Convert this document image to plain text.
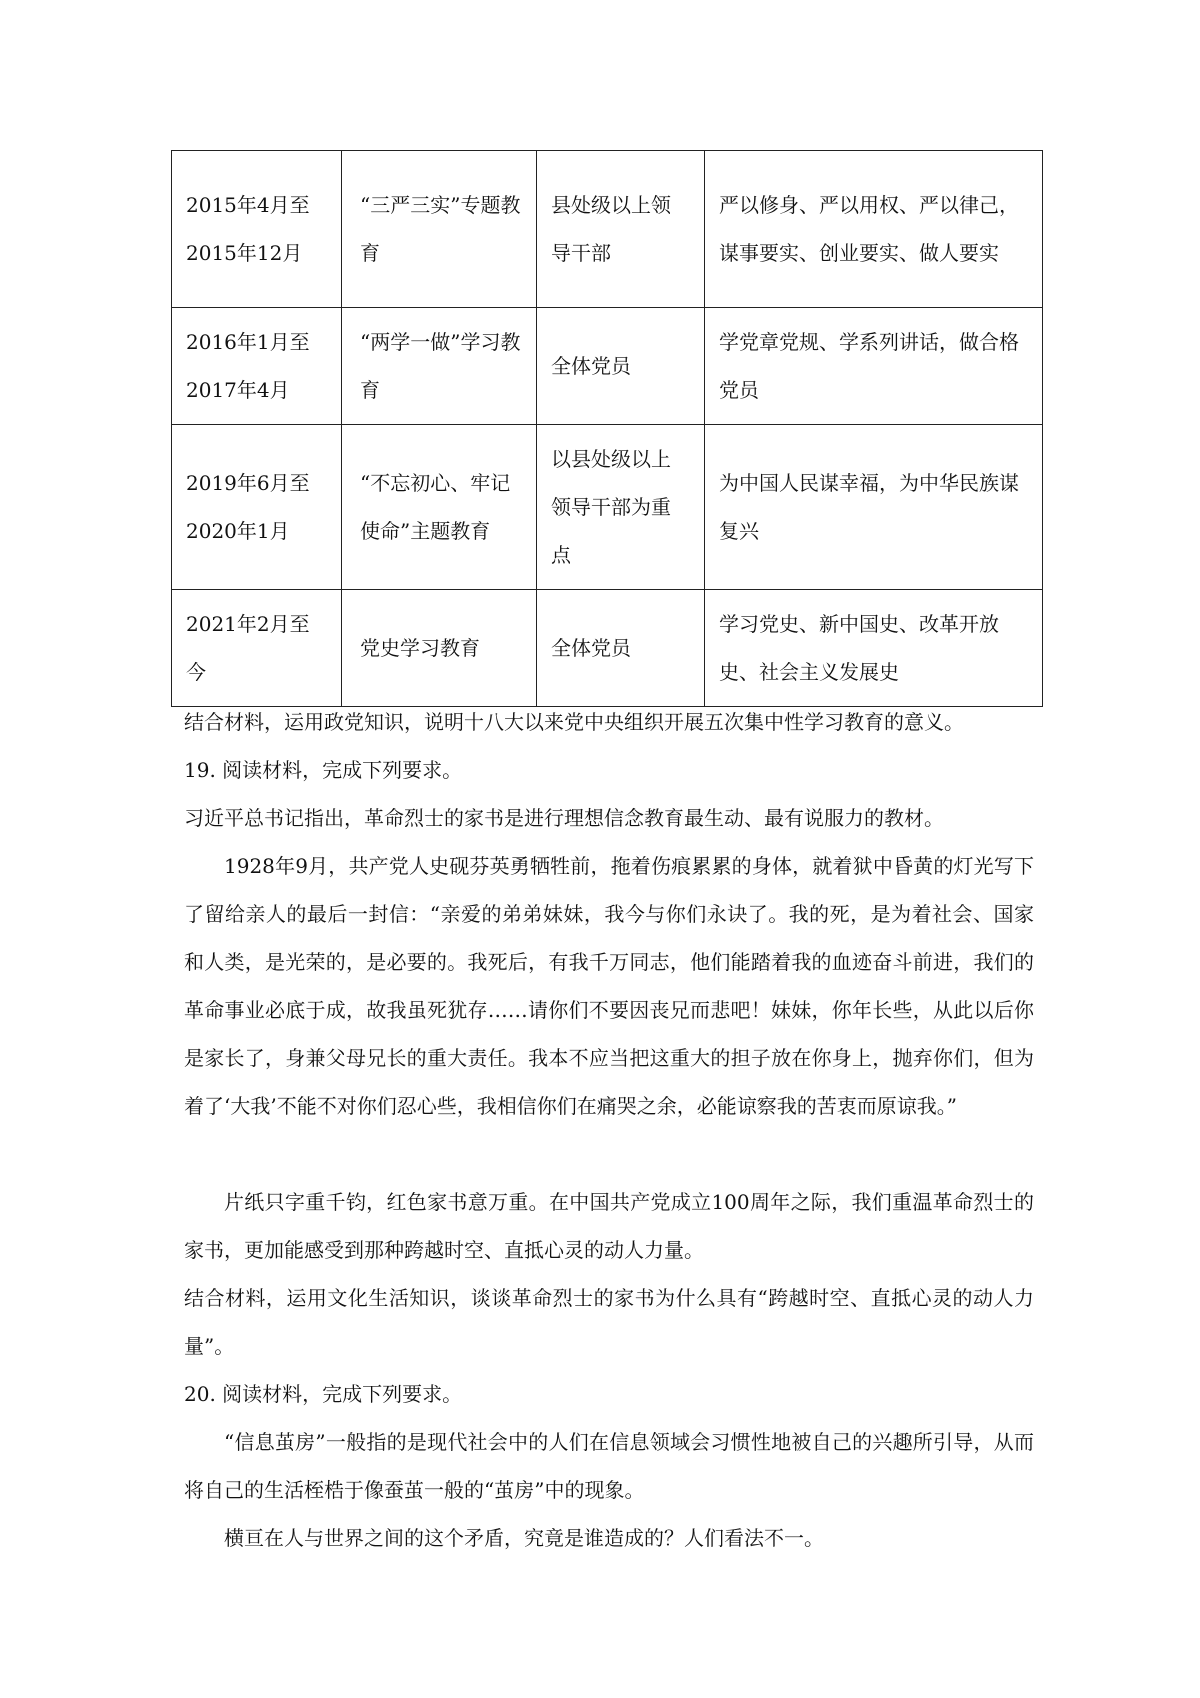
2015年4月至2015年12月	“三严三实”专题教育	县处级以上领导干部	严以修身、严以用权、严以律己，谋事要实、创业要实、做人要实
2016年1月至2017年4月	“两学一做”学习教育	全体党员	学党章党规、学系列讲话，做合格党员
2019年6月至2020年1月	“不忘初心、牢记使命”主题教育	以县处级以上领导干部为重点	为中国人民谋幸福，为中华民族谋复兴
2021年2月至今	党史学习教育	全体党员	学习党史、新中国史、改革开放史、社会主义发展史

结合材料，运用政党知识，说明十八大以来党中央组织开展五次集中性学习教育的意义。

19. 阅读材料，完成下列要求。

习近平总书记指出，革命烈士的家书是进行理想信念教育最生动、最有说服力的教材。

1928年9月，共产党人史砚芬英勇牺牲前，拖着伤痕累累的身体，就着狱中昏黄的灯光写下了留给亲人的最后一封信：“亲爱的弟弟妹妹，我今与你们永诀了。我的死，是为着社会、国家和人类，是光荣的，是必要的。我死后，有我千万同志，他们能踏着我的血迹奋斗前进，我们的革命事业必底于成，故我虽死犹存……请你们不要因丧兄而悲吧！妹妹，你年长些，从此以后你是家长了，身兼父母兄长的重大责任。我本不应当把这重大的担子放在你身上，抛弃你们，但为着了‘大我’不能不对你们忍心些，我相信你们在痛哭之余，必能谅察我的苦衷而原谅我。”

片纸只字重千钧，红色家书意万重。在中国共产党成立100周年之际，我们重温革命烈士的家书，更加能感受到那种跨越时空、直抵心灵的动人力量。

结合材料，运用文化生活知识，谈谈革命烈士的家书为什么具有“跨越时空、直抵心灵的动人力量”。

20. 阅读材料，完成下列要求。

“信息茧房”一般指的是现代社会中的人们在信息领域会习惯性地被自己的兴趣所引导，从而将自己的生活桎梏于像蚕茧一般的“茧房”中的现象。

横亘在人与世界之间的这个矛盾，究竟是谁造成的？人们看法不一。
